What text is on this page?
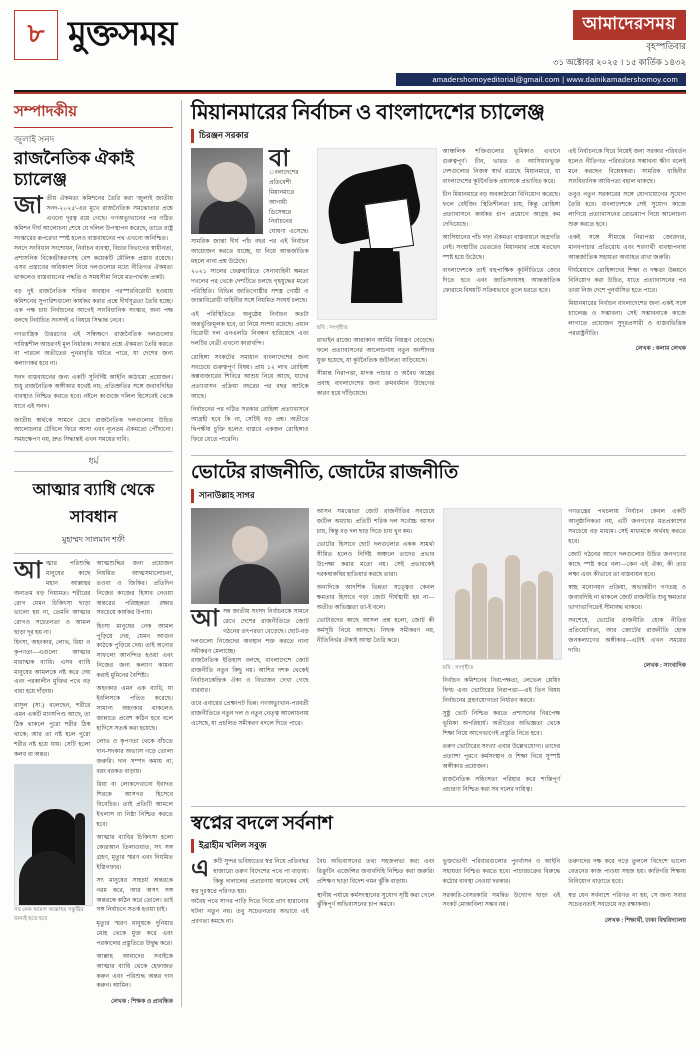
৮ মুক্তসময়	আমাদেরসময়
বৃহস্পতিবার
৩১ অক্টোবর ২০২৫ । ১৫ কার্তিক ১৪৩২
amadershomoyeditorial@gmail.com | www.dainikamadershomoy.com
সম্পাদকীয়
জুলাই সনদ
রাজনৈতিক ঐকাই চ্যালেঞ্জ
জা তীয় ঐকমত্য কমিশনের তৈরি করা 'জুলাই জাতীয় সনদ-২০২৫'-এর মুখে রাজনৈতিক সমঝোতার প্রশ্নে এখনো দূরত্ব রয়ে গেছে। গণঅভ্যুত্থানের পর গঠিত কমিশন দীর্ঘ আলোচনা শেষে যে দলিল উপস্থাপন করেছে, তাতে রাষ্ট্র সংস্কারের রূপরেখা স্পষ্ট হলেও বাস্তবায়নের পথ এখনো অনিশ্চিত।

সনদে সংবিধান সংশোধন, নির্বাচন ব্যবস্থা, বিচার বিভাগের স্বাধীনতা, প্রশাসনিক বিকেন্দ্রীকরণসহ বেশ কয়েকটি মৌলিক প্রস্তাব রয়েছে। এসব প্রস্তাবের অধিকাংশ নিয়ে দলগুলোর মধ্যে নীতিগত ঐকমত্য থাকলেও বাস্তবায়নের পদ্ধতি ও সময়সীমা নিয়ে মতপার্থক্য প্রকট।

বড় দুই রাজনৈতিক শক্তির অবস্থান পরস্পরবিরোধী হওয়ায় কমিশনের সুপারিশগুলো কার্যকর করার প্রশ্নে দীর্ঘসূত্রতা তৈরি হচ্ছে। এক পক্ষ চায় নির্বাচনের আগেই সাংবিধানিক সংস্কার, অন্য পক্ষ বলছে নির্বাচিত সংসদই এ বিষয়ে সিদ্ধান্ত নেবে।

গণতান্ত্রিক উত্তরণের এই সন্ধিক্ষণে রাজনৈতিক দলগুলোর দায়িত্বশীল আচরণই মূল নির্ধারক। সংস্কার প্রশ্নে ঐকমত্য তৈরি করতে না পারলে অতীতের পুনরাবৃত্তি ঘটতে পারে, যা দেশের জন্য কল্যাণকর হবে না।

সনদ বাস্তবায়নের জন্য একটি সুনির্দিষ্ট আইনি কাঠামো প্রয়োজন। শুধু রাজনৈতিক অঙ্গীকার যথেষ্ট নয়; প্রতিশ্রুতির সঙ্গে জবাবদিহির ব্যবস্থাও নিশ্চিত করতে হবে। নইলে কাগুজে দলিল হিসেবেই থেকে যাবে এই সনদ।

জাতীয় স্বার্থকে সামনে রেখে রাজনৈতিক দলগুলোর উচিত আলোচনার টেবিলে ফিরে আসা এবং ন্যূনতম ঐকমত্যে পৌঁছানো। সময়ক্ষেপণ নয়, দ্রুত সিদ্ধান্তই এখন সময়ের দাবি।

ধর্ম
আত্মার ব্যাধি থেকে সাবধান
মুহাম্মদ সালমান শফী
আ ত্মার পরিশুদ্ধি মানুষের কাছে মহান আল্লাহর অন্যতম বড় নিয়ামত। শরীরের রোগ যেমন চিকিৎসা ছাড়া ভালো হয় না, তেমনি আত্মার রোগও সচেতনতা ও আমল ছাড়া দূর হয় না।

হিংসা, অহংকার, লোভ, রিয়া ও কৃপণতা—এগুলো আত্মার মারাত্মক ব্যাধি। এসব ব্যাধি মানুষের আমলকে নষ্ট করে দেয় এবং পরকালীন মুক্তির পথে বড় বাধা হয়ে দাঁড়ায়।

রাসুল (সা.) বলেছেন, শরীরে এমন একটি মাংসপিণ্ড আছে, তা ঠিক থাকলে পুরো শরীর ঠিক থাকে; আর তা নষ্ট হলে পুরো শরীর নষ্ট হয়ে যায়। সেটি হলো কলব বা অন্তর।

সব নেক আমল আল্লাহর সন্তুষ্টির জন্যই হতে হবে

আত্মশুদ্ধির জন্য প্রয়োজন নিয়মিত আত্মসমালোচনা, তওবা ও জিকির। প্রতিদিন নিজের কাজের হিসাব নেওয়া অন্তরের পরিচ্ছন্নতা রক্ষার সবচেয়ে কার্যকর উপায়।

হিংসা মানুষের নেক আমল পুড়িয়ে দেয়, যেমন আগুন কাঠকে পুড়িয়ে দেয়। তাই অন্যের সাফল্যে আনন্দিত হওয়া এবং নিজের জন্য কল্যাণ কামনা করাই মুমিনের বৈশিষ্ট্য।

অহংকার এমন এক ব্যাধি, যা ইবলিসকে পতিত করেছে। সামান্য অহংকার থাকলেও জান্নাতে প্রবেশ কঠিন হবে বলে হাদিসে সতর্ক করা হয়েছে।

লোভ ও কৃপণতা থেকে বাঁচতে দান-সদকার অভ্যাস গড়ে তোলা জরুরি। দান সম্পদ কমায় না, বরং বরকত বাড়ায়।

রিয়া বা লোকদেখানো ইবাদত শিরকে আসগর হিসেবে বিবেচিত। তাই প্রতিটি আমলে ইখলাস বা নিষ্ঠা নিশ্চিত করতে হবে।

আত্মার ব্যাধির চিকিৎসা হলো কোরআন তিলাওয়াত, সৎ সঙ্গ গ্রহণ, মৃত্যুর স্মরণ এবং নিয়মিত ইস্তিগফার।

সৎ মানুষের সাহচর্য অন্তরকে নরম করে, আর অসৎ সঙ্গ অন্তরকে কঠিন করে তোলে। তাই সঙ্গ নির্বাচনে সতর্ক হওয়া চাই।

মৃত্যুর স্মরণ মানুষকে দুনিয়ার মোহ থেকে মুক্ত করে এবং পরকালের প্রস্তুতিতে উদ্বুদ্ধ করে।

আল্লাহ আমাদের সবাইকে আত্মার ব্যাধি থেকে হেফাজত করুন এবং পরিশুদ্ধ অন্তর দান করুন। আমিন।

লেখক : শিক্ষক ও প্রাবন্ধিক
মিয়ানমারের নির্বাচন ও বাংলাদেশের চ্যালেঞ্জ
চিরঞ্জন সরকার
বা
ংলাদেশের প্রতিবেশী মিয়ানমারে আগামী ডিসেম্বরে নির্বাচনের ঘোষণা এসেছে। সামরিক জান্তা দীর্ঘ পাঁচ বছর পর এই নির্বাচন আয়োজন করতে যাচ্ছে, যা নিয়ে আন্তর্জাতিক মহলে নানা প্রশ্ন উঠেছে।

২০২১ সালের ফেব্রুয়ারিতে সেনাবাহিনী ক্ষমতা দখলের পর থেকে দেশটিতে চলছে গৃহযুদ্ধের মতো পরিস্থিতি। বিভিন্ন জাতিগোষ্ঠীর সশস্ত্র গোষ্ঠী ও জান্তাবিরোধী বাহিনীর সঙ্গে নিয়মিত সংঘর্ষ চলছে।

এই পরিস্থিতিতে অনুষ্ঠেয় নির্বাচন কতটা অন্তর্ভুক্তিমূলক হবে, তা নিয়ে সংশয় রয়েছে। প্রধান বিরোধী দল এনএলডি নিবন্ধন হারিয়েছে এবং দলটির নেত্রী এখনো কারাবন্দি।

রোহিঙ্গা সংকটের সমাধান বাংলাদেশের জন্য সবচেয়ে গুরুত্বপূর্ণ বিষয়। প্রায় ১২ লাখ রোহিঙ্গা কক্সবাজারের শিবিরে আশ্রয় নিয়ে আছে, যাদের প্রত্যাবাসন প্রক্রিয়া বছরের পর বছর আটকে আছে।

নির্বাচনের পর গঠিত সরকার রোহিঙ্গা প্রত্যাবাসনে আগ্রহী হবে কি না, সেটিই বড় প্রশ্ন। অতীতে দ্বিপক্ষীয় চুক্তি হলেও বাস্তবে একজন রোহিঙ্গাও ফিরে যেতে পারেনি।

ছবি : সংগৃহীত

রাখাইন রাজ্যে আরাকান আর্মির নিয়ন্ত্রণ বেড়েছে। ফলে প্রত্যাবাসনের আলোচনায় নতুন অংশীদার যুক্ত হয়েছে, যা কূটনৈতিক জটিলতা বাড়িয়েছে।

সীমান্ত নিরাপত্তা, মাদক পাচার ও অবৈধ অস্ত্রের প্রবাহ বাংলাদেশের জন্য ক্রমবর্ধমান উদ্বেগের কারণ হয়ে দাঁড়িয়েছে।

আঞ্চলিক শক্তিগুলোর ভূমিকাও এখানে গুরুত্বপূর্ণ। চীন, ভারত ও আসিয়ানভুক্ত দেশগুলোর নিজস্ব স্বার্থ রয়েছে মিয়ানমারে, যা বাংলাদেশের কূটনৈতিক প্রয়াসকে প্রভাবিত করে।

চীন মিয়ানমারে বড় অবকাঠামো বিনিয়োগ করেছে। ফলে বেইজিং স্থিতিশীলতা চায়, কিন্তু রোহিঙ্গা প্রত্যাবাসনে কার্যকর চাপ প্রয়োগে আগ্রহ কম দেখিয়েছে।

আসিয়ানের পাঁচ দফা ঐকমত্য বাস্তবায়নে অগ্রগতি নেই। সংস্থাটির ভেতরেও মিয়ানমার প্রশ্নে মতভেদ স্পষ্ট হয়ে উঠেছে।

বাংলাদেশকে তাই বহুপাক্ষিক কূটনীতিতে জোর দিতে হবে এবং জাতিসংঘসহ আন্তর্জাতিক ফোরামে বিষয়টি সক্রিয়ভাবে তুলে ধরতে হবে।

এই নির্বাচনকে ঘিরে নিয়েই জন্য সরকার পরিবর্তন হলেও নীতিগত পরিবর্তনের সম্ভাবনা ক্ষীণ বলেই মনে করছেন বিশ্লেষকরা। সামরিক বাহিনীর সাংবিধানিক আধিপত্য বহাল থাকছে।

তবুও নতুন সরকারের সঙ্গে যোগাযোগের সুযোগ তৈরি হবে। বাংলাদেশকে সেই সুযোগ কাজে লাগিয়ে প্রত্যাবাসনের রোডম্যাপ নিয়ে আলোচনা শুরু করতে হবে।

একই সঙ্গে সীমান্তে নিরাপত্তা জোরদার, মানবপাচার প্রতিরোধ এবং শরণার্থী ব্যবস্থাপনায় আন্তর্জাতিক সহায়তা অব্যাহত রাখা জরুরি।

দীর্ঘমেয়াদে রোহিঙ্গাদের শিক্ষা ও দক্ষতা উন্নয়নে বিনিয়োগ করা উচিত, যাতে প্রত্যাবাসনের পর তারা নিজ দেশে পুনর্বাসিত হতে পারে।

মিয়ানমারের নির্বাচন বাংলাদেশের জন্য একই সঙ্গে চ্যালেঞ্জ ও সম্ভাবনা। সেই সম্ভাবনাকে কাজে লাগাতে প্রয়োজন সুদূরপ্রসারী ও বাস্তবভিত্তিক পররাষ্ট্রনীতি।

লেখক : কলাম লেখক
ভোটের রাজনীতি, জোটের রাজনীতি
সানাউল্লাহ সাগর
আ সন্ন জাতীয় সংসদ নির্বাচনকে সামনে রেখে দেশের রাজনীতিতে জোট গঠনের তৎপরতা বেড়েছে। ছোট-বড় দলগুলো নিজেদের অবস্থান শক্ত করতে নানা সমীকরণ মেলাচ্ছে।

রাজনৈতিক ইতিহাস বলছে, বাংলাদেশে জোট রাজনীতি নতুন কিছু নয়। আশির দশক থেকেই নির্বাচনকেন্দ্রিক ঐক্য ও বিভাজন দেখা গেছে বারবার।

তবে এবারের প্রেক্ষাপট ভিন্ন। গণঅভ্যুত্থান-পরবর্তী রাজনীতিতে নতুন দল ও নতুন নেতৃত্ব আলোচনায় এসেছে, যা প্রচলিত সমীকরণ বদলে দিতে পারে।

আসন সমঝোতা জোট রাজনীতির সবচেয়ে জটিল অধ্যায়। প্রতিটি শরিক দল সর্বোচ্চ আসন চায়, কিন্তু বড় দল ছাড় দিতে চায় খুব কম।

ভোটের হিসাবে ছোট দলগুলোর একক সামর্থ্য সীমিত হলেও নির্দিষ্ট অঞ্চলে তাদের প্রভাব উপেক্ষা করার মতো নয়। সেই প্রভাবকেই দরকষাকষির হাতিয়ার করছে তারা।

অন্যদিকে আদর্শিক ভিন্নতা সত্ত্বেও কেবল ক্ষমতার হিসাবে গড়া জোট দীর্ঘস্থায়ী হয় না—অতীত অভিজ্ঞতা তা-ই বলে।

ভোটারদের কাছে আসল প্রশ্ন হলো, জোট কী কর্মসূচি নিয়ে আসছে। নিছক সমীকরণ নয়, নীতিনির্ভর ঐক্যই আস্থা তৈরি করে।

ছবি : সংগৃহীত

নির্বাচন কমিশনের নিরপেক্ষতা, লেভেল প্লেয়িং ফিল্ড এবং ভোটারের নিরাপত্তা—এই তিন বিষয় নির্বাচনের গ্রহণযোগ্যতা নির্ধারণ করবে।

সুষ্ঠু ভোট নিশ্চিত করতে প্রশাসনের নিরপেক্ষ ভূমিকা অপরিহার্য। অতীতের অভিজ্ঞতা থেকে শিক্ষা নিয়ে আগেভাগেই প্রস্তুতি নিতে হবে।

তরুণ ভোটারের সংখ্যা এবার উল্লেখযোগ্য। তাদের প্রত্যাশা পূরণে কর্মসংস্থান ও শিক্ষা নিয়ে সুস্পষ্ট অঙ্গীকার প্রয়োজন।

রাজনৈতিক সহিংসতা পরিহার করে শান্তিপূর্ণ প্রচারণা নিশ্চিত করা সব দলের দায়িত্ব।

গণতন্ত্রের পথচলায় নির্বাচন কেবল একটি আনুষ্ঠানিকতা নয়, এটি জনগণের মতপ্রকাশের সবচেয়ে বড় মাধ্যম। সেই মাধ্যমকে অর্থবহ করতে হবে।

জোট গঠনের আগে দলগুলোর উচিত জনগণের কাছে স্পষ্ট করে বলা—কেন এই ঐক্য, কী তার লক্ষ্য এবং কীভাবে তা বাস্তবায়ন হবে।

স্বচ্ছ মনোনয়ন প্রক্রিয়া, অভ্যন্তরীণ গণতন্ত্র ও জবাবদিহি না থাকলে জোট রাজনীতি শুধু ক্ষমতার ভাগাভাগিতেই সীমাবদ্ধ থাকবে।

সবশেষে, ভোটের রাজনীতি হোক নীতির প্রতিযোগিতা, আর জোটের রাজনীতি হোক জনকল্যাণের অঙ্গীকার—এটাই এখন সময়ের দাবি।

লেখক : সাংবাদিক
স্বপ্নের বদলে সর্বনাশ
ইব্রাহীম খলিল সবুজ
এ কটি সুন্দর ভবিষ্যতের স্বপ্ন নিয়ে প্রতিবছর হাজারো তরুণ বিদেশের পথে পা বাড়ায়। কিন্তু দালালের প্রতারণায় অনেকের সেই স্বপ্ন দুঃস্বপ্নে পরিণত হয়।

অবৈধ পথে সাগর পাড়ি দিতে গিয়ে প্রাণ হারানোর ঘটনা নতুন নয়। তবু সচেতনতার অভাবে এই প্রবণতা কমছে না।

বৈধ অভিবাসনের তথ্য সহজলভ্য করা এবং রিক্রুটিং এজেন্সির জবাবদিহি নিশ্চিত করা জরুরি। প্রশিক্ষণ ছাড়া বিদেশ গমন ঝুঁকি বাড়ায়।

স্থানীয় পর্যায়ে কর্মসংস্থানের সুযোগ সৃষ্টি করা গেলে ঝুঁকিপূর্ণ অভিবাসনের চাপ কমবে।

ভুক্তভোগী পরিবারগুলোর পুনর্বাসন ও আইনি সহায়তা নিশ্চিত করতে হবে। পাচারচক্রের বিরুদ্ধে কঠোর ব্যবস্থা নেওয়া দরকার।

সরকারি-বেসরকারি সমন্বিত উদ্যোগ ছাড়া এই সংকট মোকাবিলা সম্ভব নয়।

তরুণদের দক্ষ করে গড়ে তুললে বিদেশে ভালো বেতনের কাজ পাওয়া সহজ হয়। কারিগরি শিক্ষায় বিনিয়োগ বাড়াতে হবে।

স্বপ্ন যেন সর্বনাশে পরিণত না হয়, সে জন্য সবার সচেতনতাই সবচেয়ে বড় রক্ষাকবচ।

লেখক : শিক্ষার্থী, ঢাকা বিশ্ববিদ্যালয়
